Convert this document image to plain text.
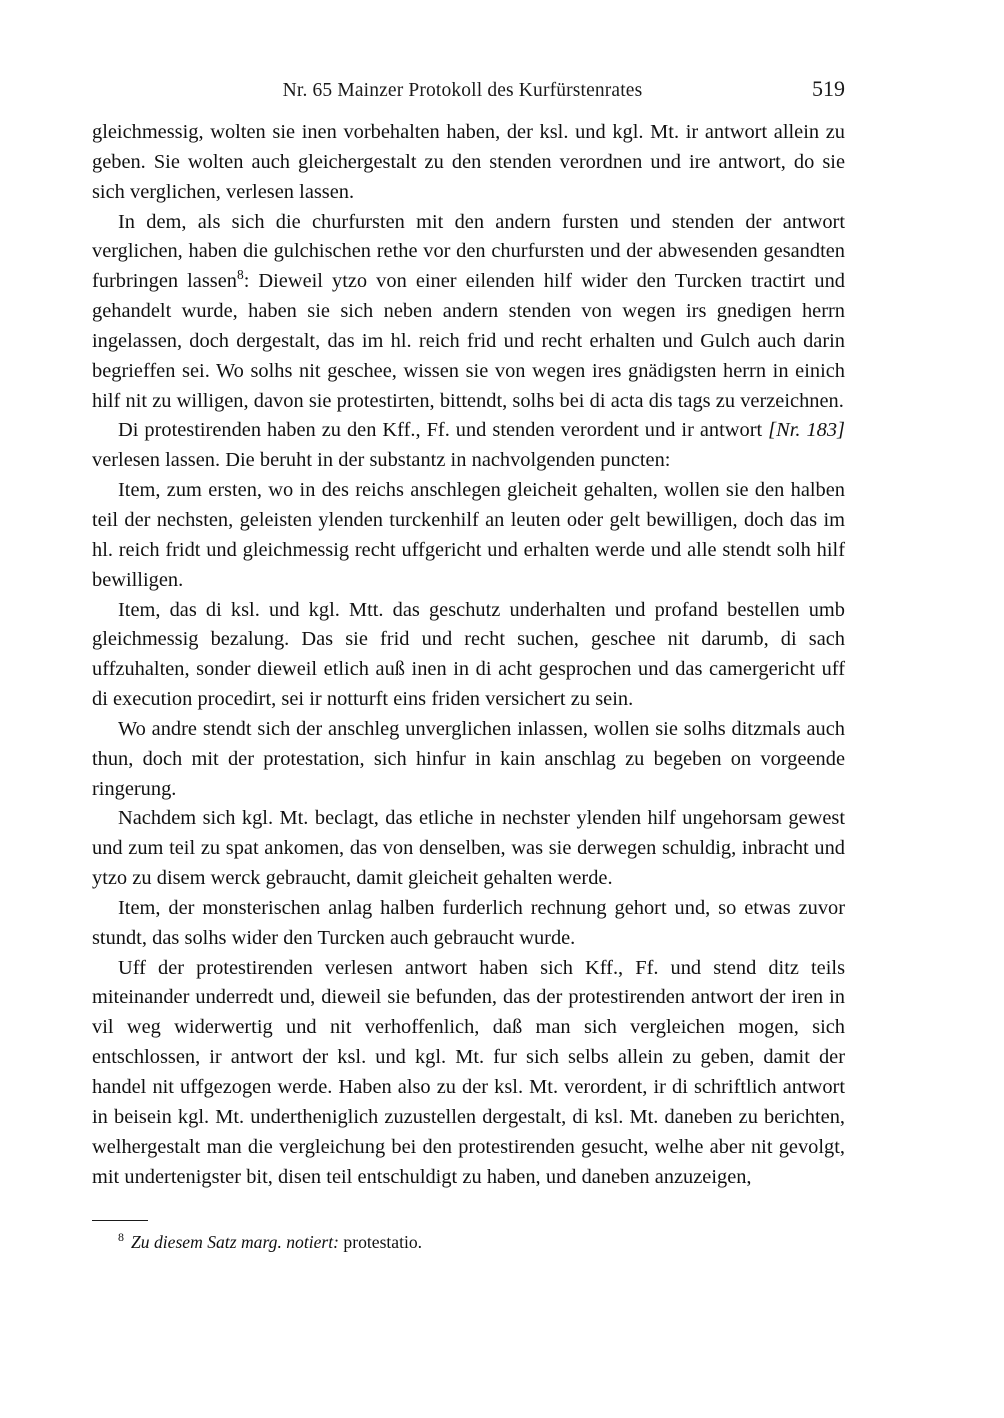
Nr. 65 Mainzer Protokoll des Kurfürstenrates	519

gleichmessig, wolten sie inen vorbehalten haben, der ksl. und kgl. Mt. ir antwort allein zu geben. Sie wolten auch gleichergestalt zu den stenden verordnen und ire antwort, do sie sich verglichen, verlesen lassen.

In dem, als sich die churfursten mit den andern fursten und stenden der antwort verglichen, haben die gulchischen rethe vor den churfursten und der abwesenden gesandten furbringen lassen$^8$: Dieweil ytzo von einer eilenden hilf wider den Turcken tractirt und gehandelt wurde, haben sie sich neben andern stenden von wegen irs gnedigen herrn ingelassen, doch dergestalt, das im hl. reich frid und recht erhalten und Gulch auch darin begrieffen sei. Wo solhs nit geschee, wissen sie von wegen ires gnädigsten herrn in einich hilf nit zu willigen, davon sie protestirten, bittendt, solhs bei di acta dis tags zu verzeichnen.

Di protestirenden haben zu den Kff., Ff. und stenden verordent und ir antwort [Nr. 183] verlesen lassen. Die beruht in der substantz in nachvolgenden puncten:

Item, zum ersten, wo in des reichs anschlegen gleicheit gehalten, wollen sie den halben teil der nechsten, geleisten ylenden turckenhilf an leuten oder gelt bewilligen, doch das im hl. reich fridt und gleichmessig recht uffgericht und erhalten werde und alle stendt solh hilf bewilligen.

Item, das di ksl. und kgl. Mtt. das geschutz underhalten und profand bestellen umb gleichmessig bezalung. Das sie frid und recht suchen, geschee nit darumb, di sach uffzuhalten, sonder dieweil etlich auß inen in di acht gesprochen und das camergericht uff di execution procedirt, sei ir notturft eins friden versichert zu sein.

Wo andre stendt sich der anschleg unverglichen inlassen, wollen sie solhs ditzmals auch thun, doch mit der protestation, sich hinfur in kain anschlag zu begeben on vorgeende ringerung.

Nachdem sich kgl. Mt. beclagt, das etliche in nechster ylenden hilf ungehorsam gewest und zum teil zu spat ankomen, das von denselben, was sie derwegen schuldig, inbracht und ytzo zu disem werck gebraucht, damit gleicheit gehalten werde.

Item, der monsterischen anlag halben furderlich rechnung gehort und, so etwas zuvor stundt, das solhs wider den Turcken auch gebraucht wurde.

Uff der protestirenden verlesen antwort haben sich Kff., Ff. und stend ditz teils miteinander underredt und, dieweil sie befunden, das der protestirenden antwort der iren in vil weg widerwertig und nit verhoffenlich, daß man sich vergleichen mogen, sich entschlossen, ir antwort der ksl. und kgl. Mt. fur sich selbs allein zu geben, damit der handel nit uffgezogen werde. Haben also zu der ksl. Mt. verordent, ir di schriftlich antwort in beisein kgl. Mt. undertheniglich zuzustellen dergestalt, di ksl. Mt. daneben zu berichten, welhergestalt man die vergleichung bei den protestirenden gesucht, welhe aber nit gevolgt, mit undertenigster bit, disen teil entschuldigt zu haben, und daneben anzuzeigen,

$^8$ Zu diesem Satz marg. notiert: protestatio.
